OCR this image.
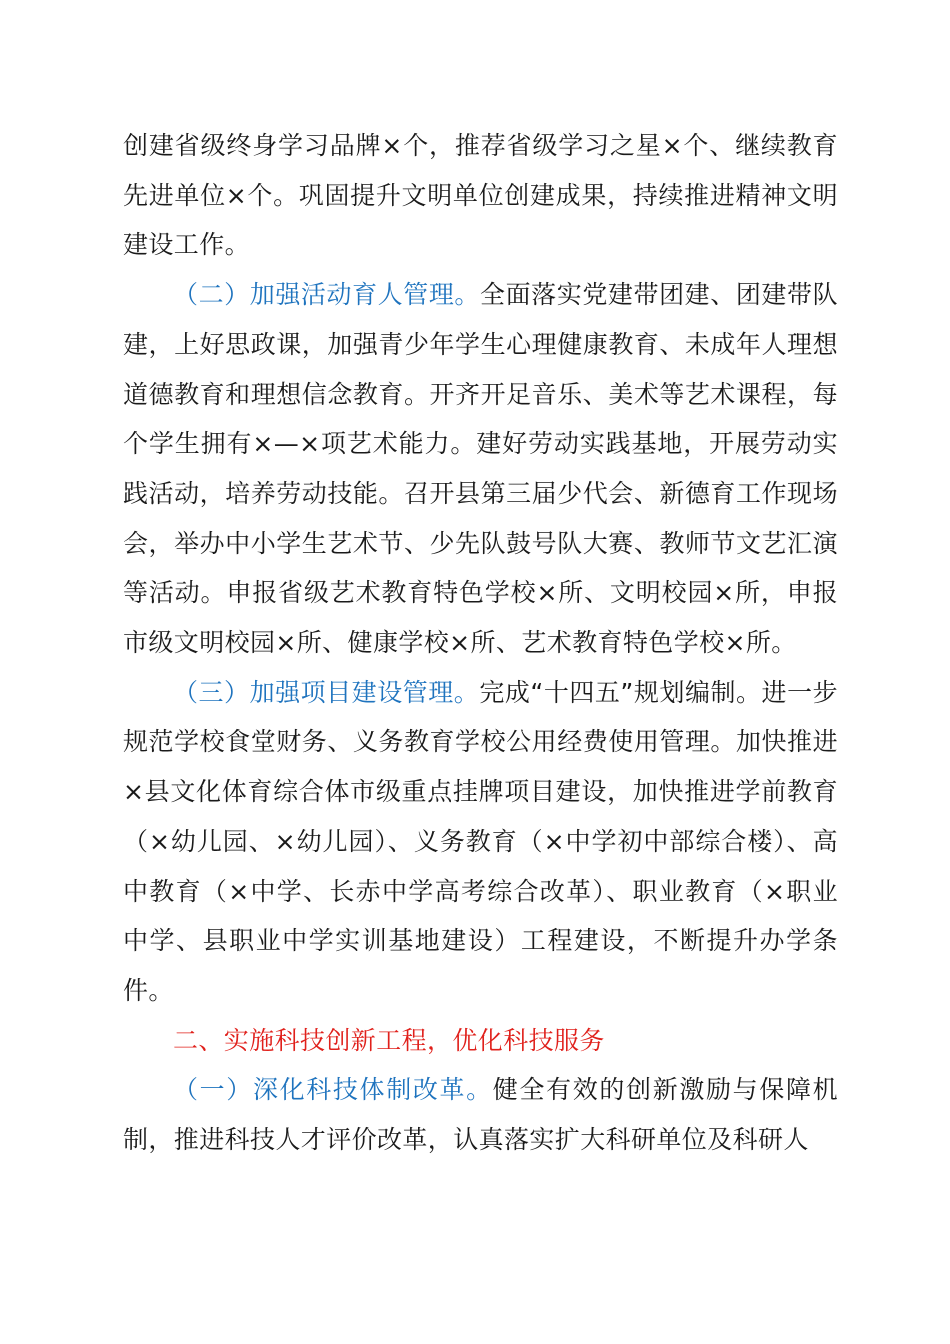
创建省级终身学习品牌×个，推荐省级学习之星×个、继续教育先进单位×个。巩固提升文明单位创建成果，持续推进精神文明建设工作。

（二）加强活动育人管理。全面落实党建带团建、团建带队建，上好思政课，加强青少年学生心理健康教育、未成年人理想道德教育和理想信念教育。开齐开足音乐、美术等艺术课程，每个学生拥有×—×项艺术能力。建好劳动实践基地，开展劳动实践活动，培养劳动技能。召开县第三届少代会、新德育工作现场会，举办中小学生艺术节、少先队鼓号队大赛、教师节文艺汇演等活动。申报省级艺术教育特色学校×所、文明校园×所，申报市级文明校园×所、健康学校×所、艺术教育特色学校×所。

（三）加强项目建设管理。完成“十四五”规划编制。进一步规范学校食堂财务、义务教育学校公用经费使用管理。加快推进×县文化体育综合体市级重点挂牌项目建设，加快推进学前教育（×幼儿园、×幼儿园）、义务教育（×中学初中部综合楼）、高中教育（×中学、长赤中学高考综合改革）、职业教育（×职业中学、县职业中学实训基地建设）工程建设，不断提升办学条件。

二、实施科技创新工程，优化科技服务

（一）深化科技体制改革。健全有效的创新激励与保障机制，推进科技人才评价改革，认真落实扩大科研单位及科研人
